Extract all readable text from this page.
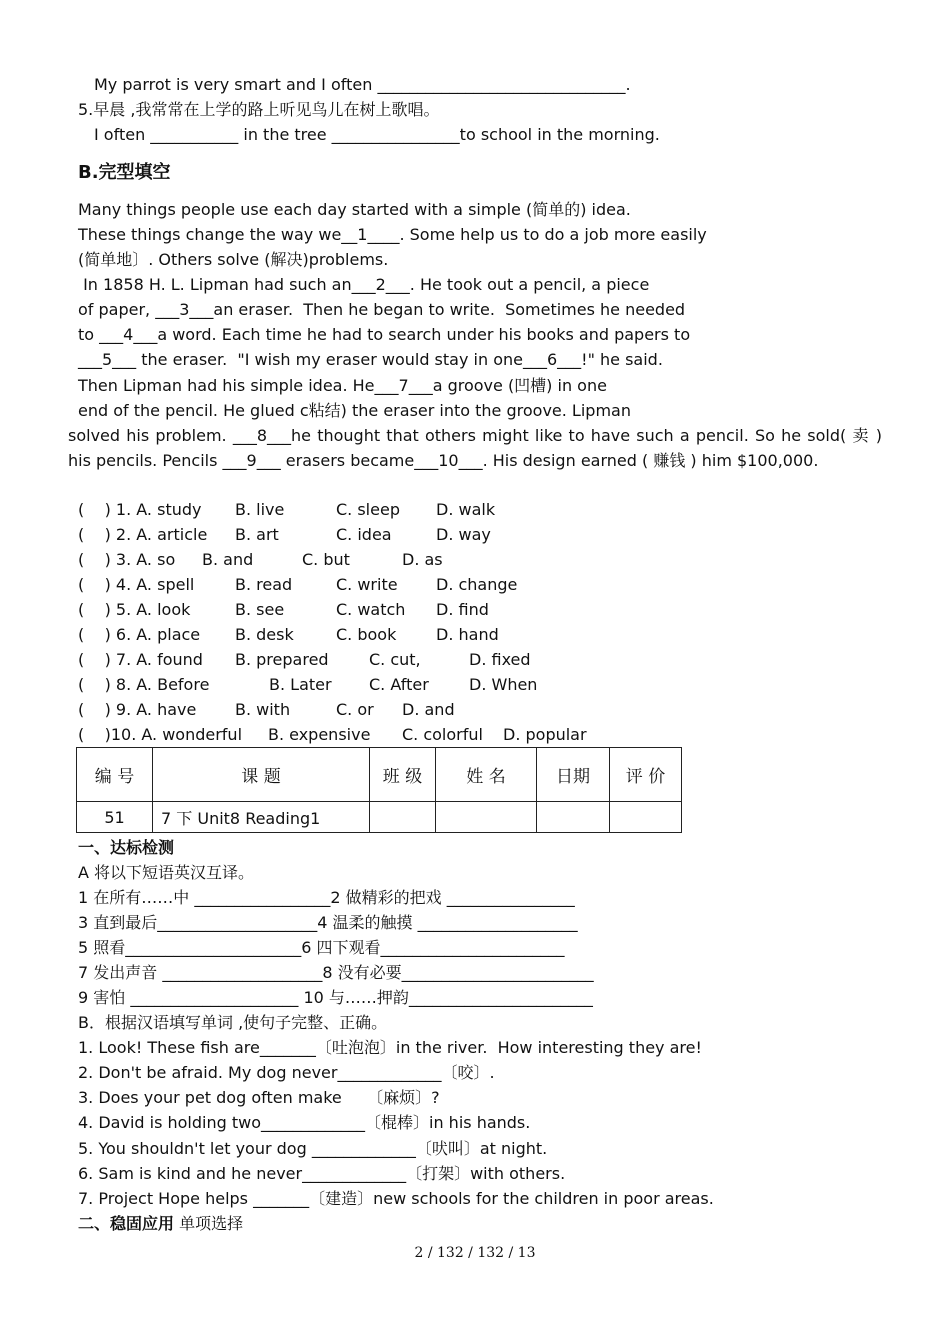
My parrot is very smart and I often _______________________________.
5.早晨 ,我常常在上学的路上听见鸟儿在树上歌唱。
I often ___________ in the tree ________________to school in the morning.
B.完型填空
Many things people use each day started with a simple (简单的) idea.
These things change the way we__1____. Some help us to do a job more easily
(简单地〕. Others solve (解决)problems.
In 1858 H. L. Lipman had such an___2___. He took out a pencil, a piece
of paper, ___3___an eraser.  Then he began to write.  Sometimes he needed
to ___4___a word. Each time he had to search under his books and papers to
___5___ the eraser.  "I wish my eraser would stay in one___6___!" he said.
Then Lipman had his simple idea. He___7___a groove (凹槽) in one
end of the pencil. He glued c粘结) the eraser into the groove. Lipman
solved his problem. ___8___he thought that others might like to have such a pencil. So he sold( 卖 ) his pencils. Pencils ___9___ erasers became___10___. His design earned ( 赚钱 ) him $100,000.
(    ) 1. A. study B. live	C. sleep D. walk
(    ) 2. A. article B. art	C. idea	D. way
(    ) 3. A. so B. and	C. but	D. as
(    ) 4. A. spell	B. read	C. write D. change
(    ) 5. A. look	B. see	C. watch D. find
(    ) 6. A. place B. desk	C. book D. hand
(    ) 7. A. found B. prepared	C. cut,	D. fixed
(    ) 8. A. Before	B. Later C. After	D. When
(    ) 9. A. have B. with	C. or D. and
(    )10. A. wonderful B. expensive C. colorful D. popular
编 号	课 题	班 级	姓 名	日期	评 价
51	7 下 Unit8 Reading1				
一、达标检测
A 将以下短语英汉互译。
1 在所有……中 _________________2 做精彩的把戏 ________________
3 直到最后____________________4 温柔的触摸 ____________________
5 照看______________________6 四下观看_______________________
7 发出声音 ____________________8 没有必要________________________
9 害怕 _____________________ 10 与……押韵_______________________
B．根据汉语填写单词 ,使句子完整、正确。
1. Look! These fish are_______〔吐泡泡〕in the river.  How interesting they are!
2. Don't be afraid. My dog never_____________〔咬〕.
3. Does your pet dog often make     〔麻烦〕?
4. David is holding two_____________〔棍棒〕in his hands.
5. You shouldn't let your dog _____________〔吠叫〕at night.
6. Sam is kind and he never_____________〔打架〕with others.
7. Project Hope helps _______〔建造〕new schools for the children in poor areas.
二、稳固应用 单项选择
2 / 132 / 132 / 13
